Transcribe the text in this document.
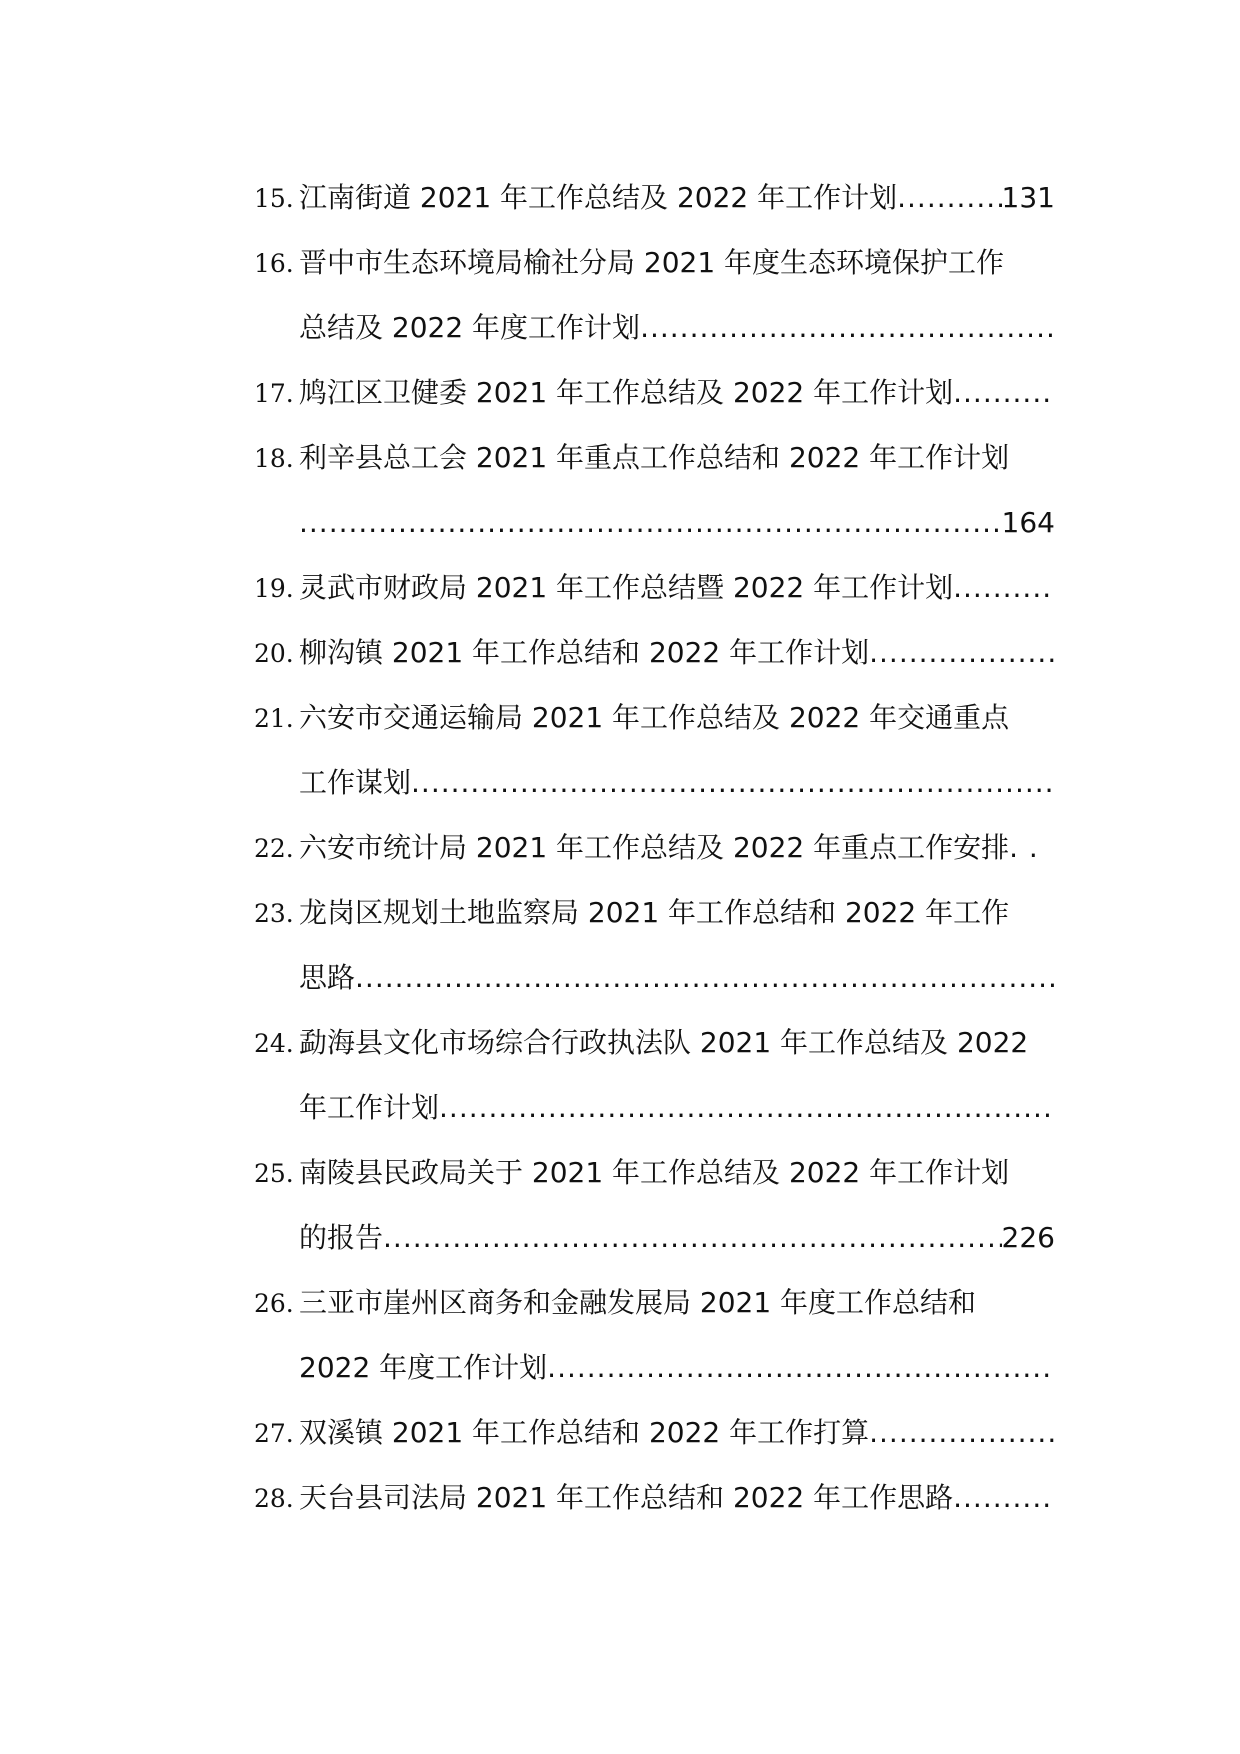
15. 江南街道 2021 年工作总结及 2022 年工作计划 .....	131
16. 晋中市生态环境局榆社分局 2021 年度生态环境保护工作
总结及 2022 年度工作计划
.....
17. 鸠江区卫健委 2021 年工作总结及 2022 年工作计划
.....
18. 利辛县总工会 2021 年重点工作总结和 2022 年工作计划
.....
164
19. 灵武市财政局 2021 年工作总结暨 2022 年工作计划
.....
20. 柳沟镇 2021 年工作总结和 2022 年工作计划
.....
21. 六安市交通运输局 2021 年工作总结及 2022 年交通重点
工作谋划
.....
22. 六安市统计局 2021 年工作总结及 2022 年重点工作安排
. .
23. 龙岗区规划土地监察局 2021 年工作总结和 2022 年工作
思路
.....
24. 勐海县文化市场综合行政执法队 2021 年工作总结及 2022
年工作计划
.....
25. 南陵县民政局关于 2021 年工作总结及 2022 年工作计划
的报告 .....	226
26. 三亚市崖州区商务和金融发展局 2021 年度工作总结和
2022 年度工作计划
.....
27. 双溪镇 2021 年工作总结和 2022 年工作打算
.....
28. 天台县司法局 2021 年工作总结和 2022 年工作思路
.....
